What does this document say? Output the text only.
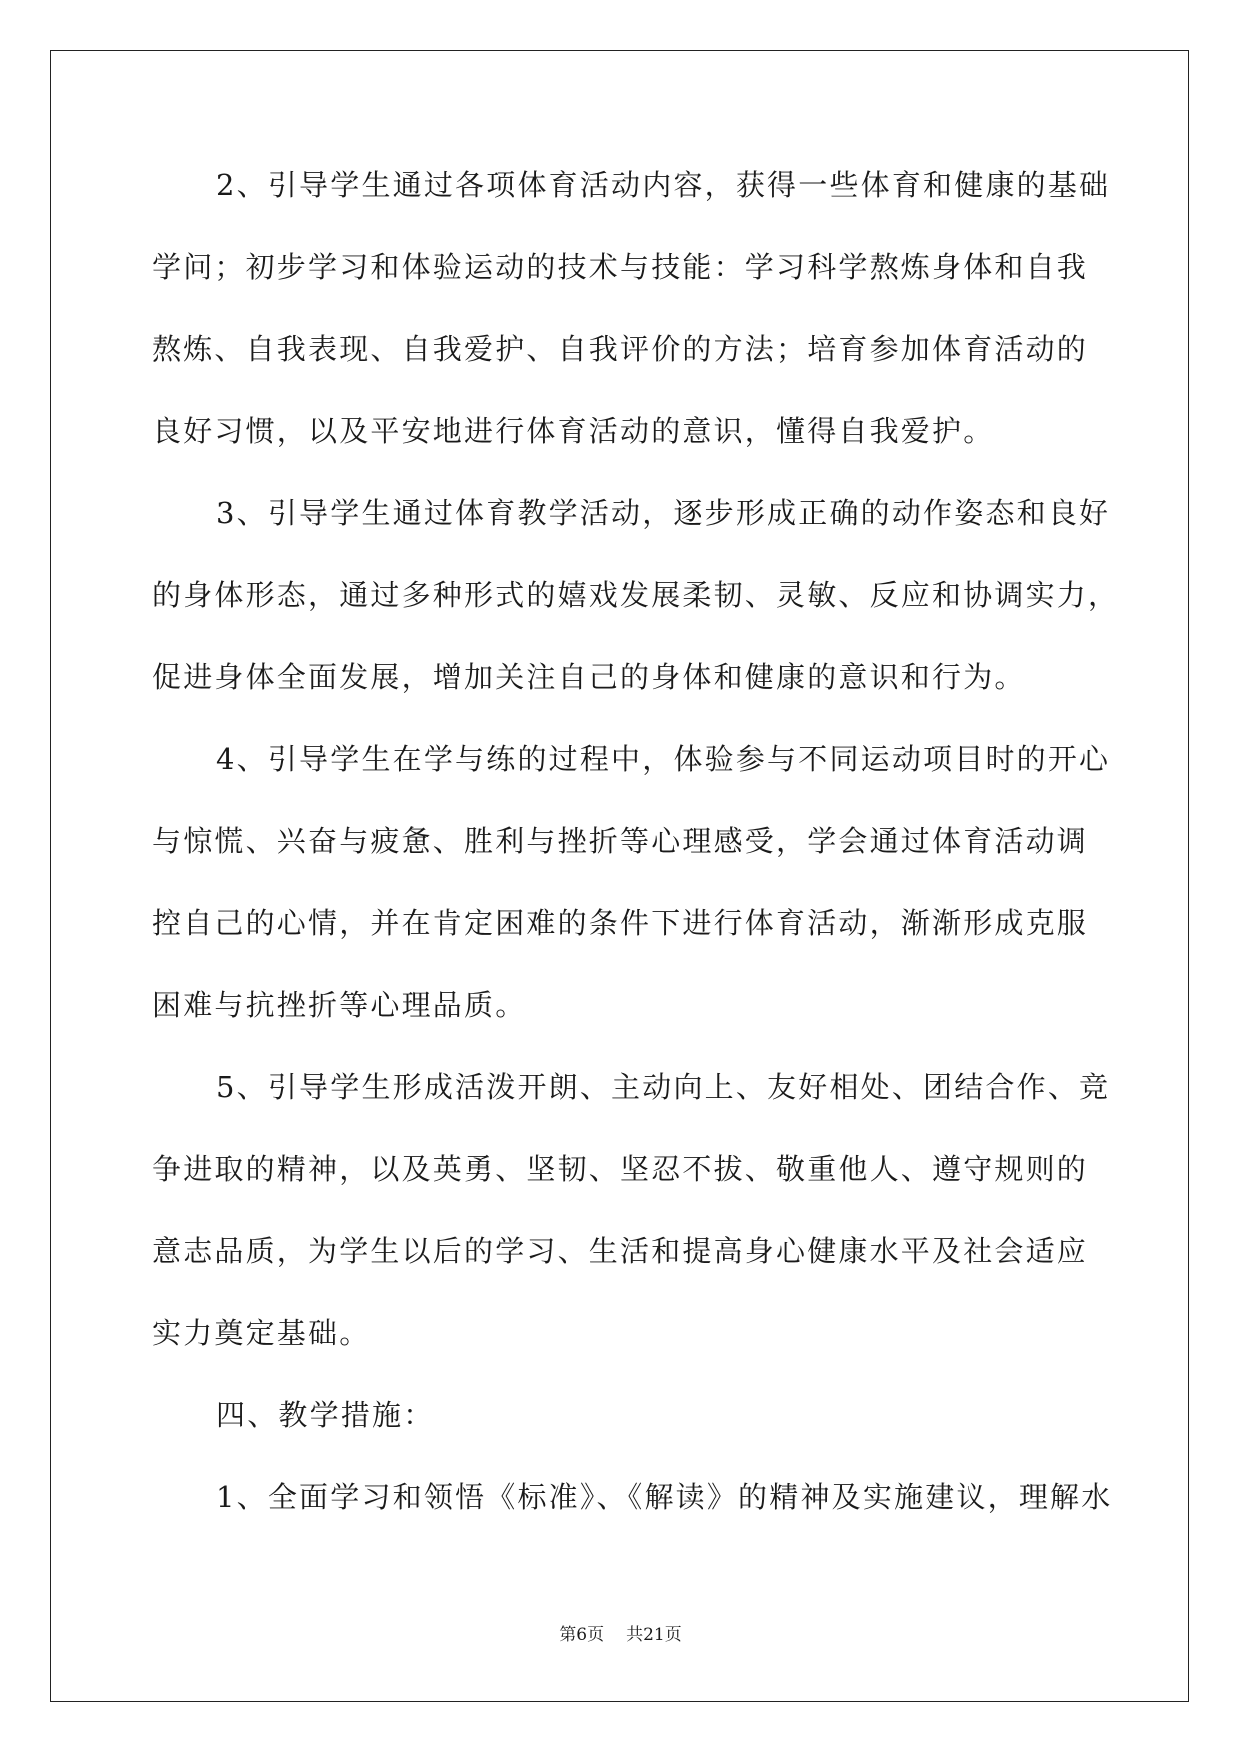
2、引导学生通过各项体育活动内容，获得一些体育和健康的基础
学问；初步学习和体验运动的技术与技能：学习科学熬炼身体和自我
熬炼、自我表现、自我爱护、自我评价的方法；培育参加体育活动的
良好习惯，以及平安地进行体育活动的意识，懂得自我爱护。
3、引导学生通过体育教学活动，逐步形成正确的动作姿态和良好
的身体形态，通过多种形式的嬉戏发展柔韧、灵敏、反应和协调实力，
促进身体全面发展，增加关注自己的身体和健康的意识和行为。
4、引导学生在学与练的过程中，体验参与不同运动项目时的开心
与惊慌、兴奋与疲惫、胜利与挫折等心理感受，学会通过体育活动调
控自己的心情，并在肯定困难的条件下进行体育活动，渐渐形成克服
困难与抗挫折等心理品质。
5、引导学生形成活泼开朗、主动向上、友好相处、团结合作、竞
争进取的精神，以及英勇、坚韧、坚忍不拔、敬重他人、遵守规则的
意志品质，为学生以后的学习、生活和提高身心健康水平及社会适应
实力奠定基础。
四、教学措施：
1、全面学习和领悟《标准》、《解读》的精神及实施建议，理解水
第6页 共21页
